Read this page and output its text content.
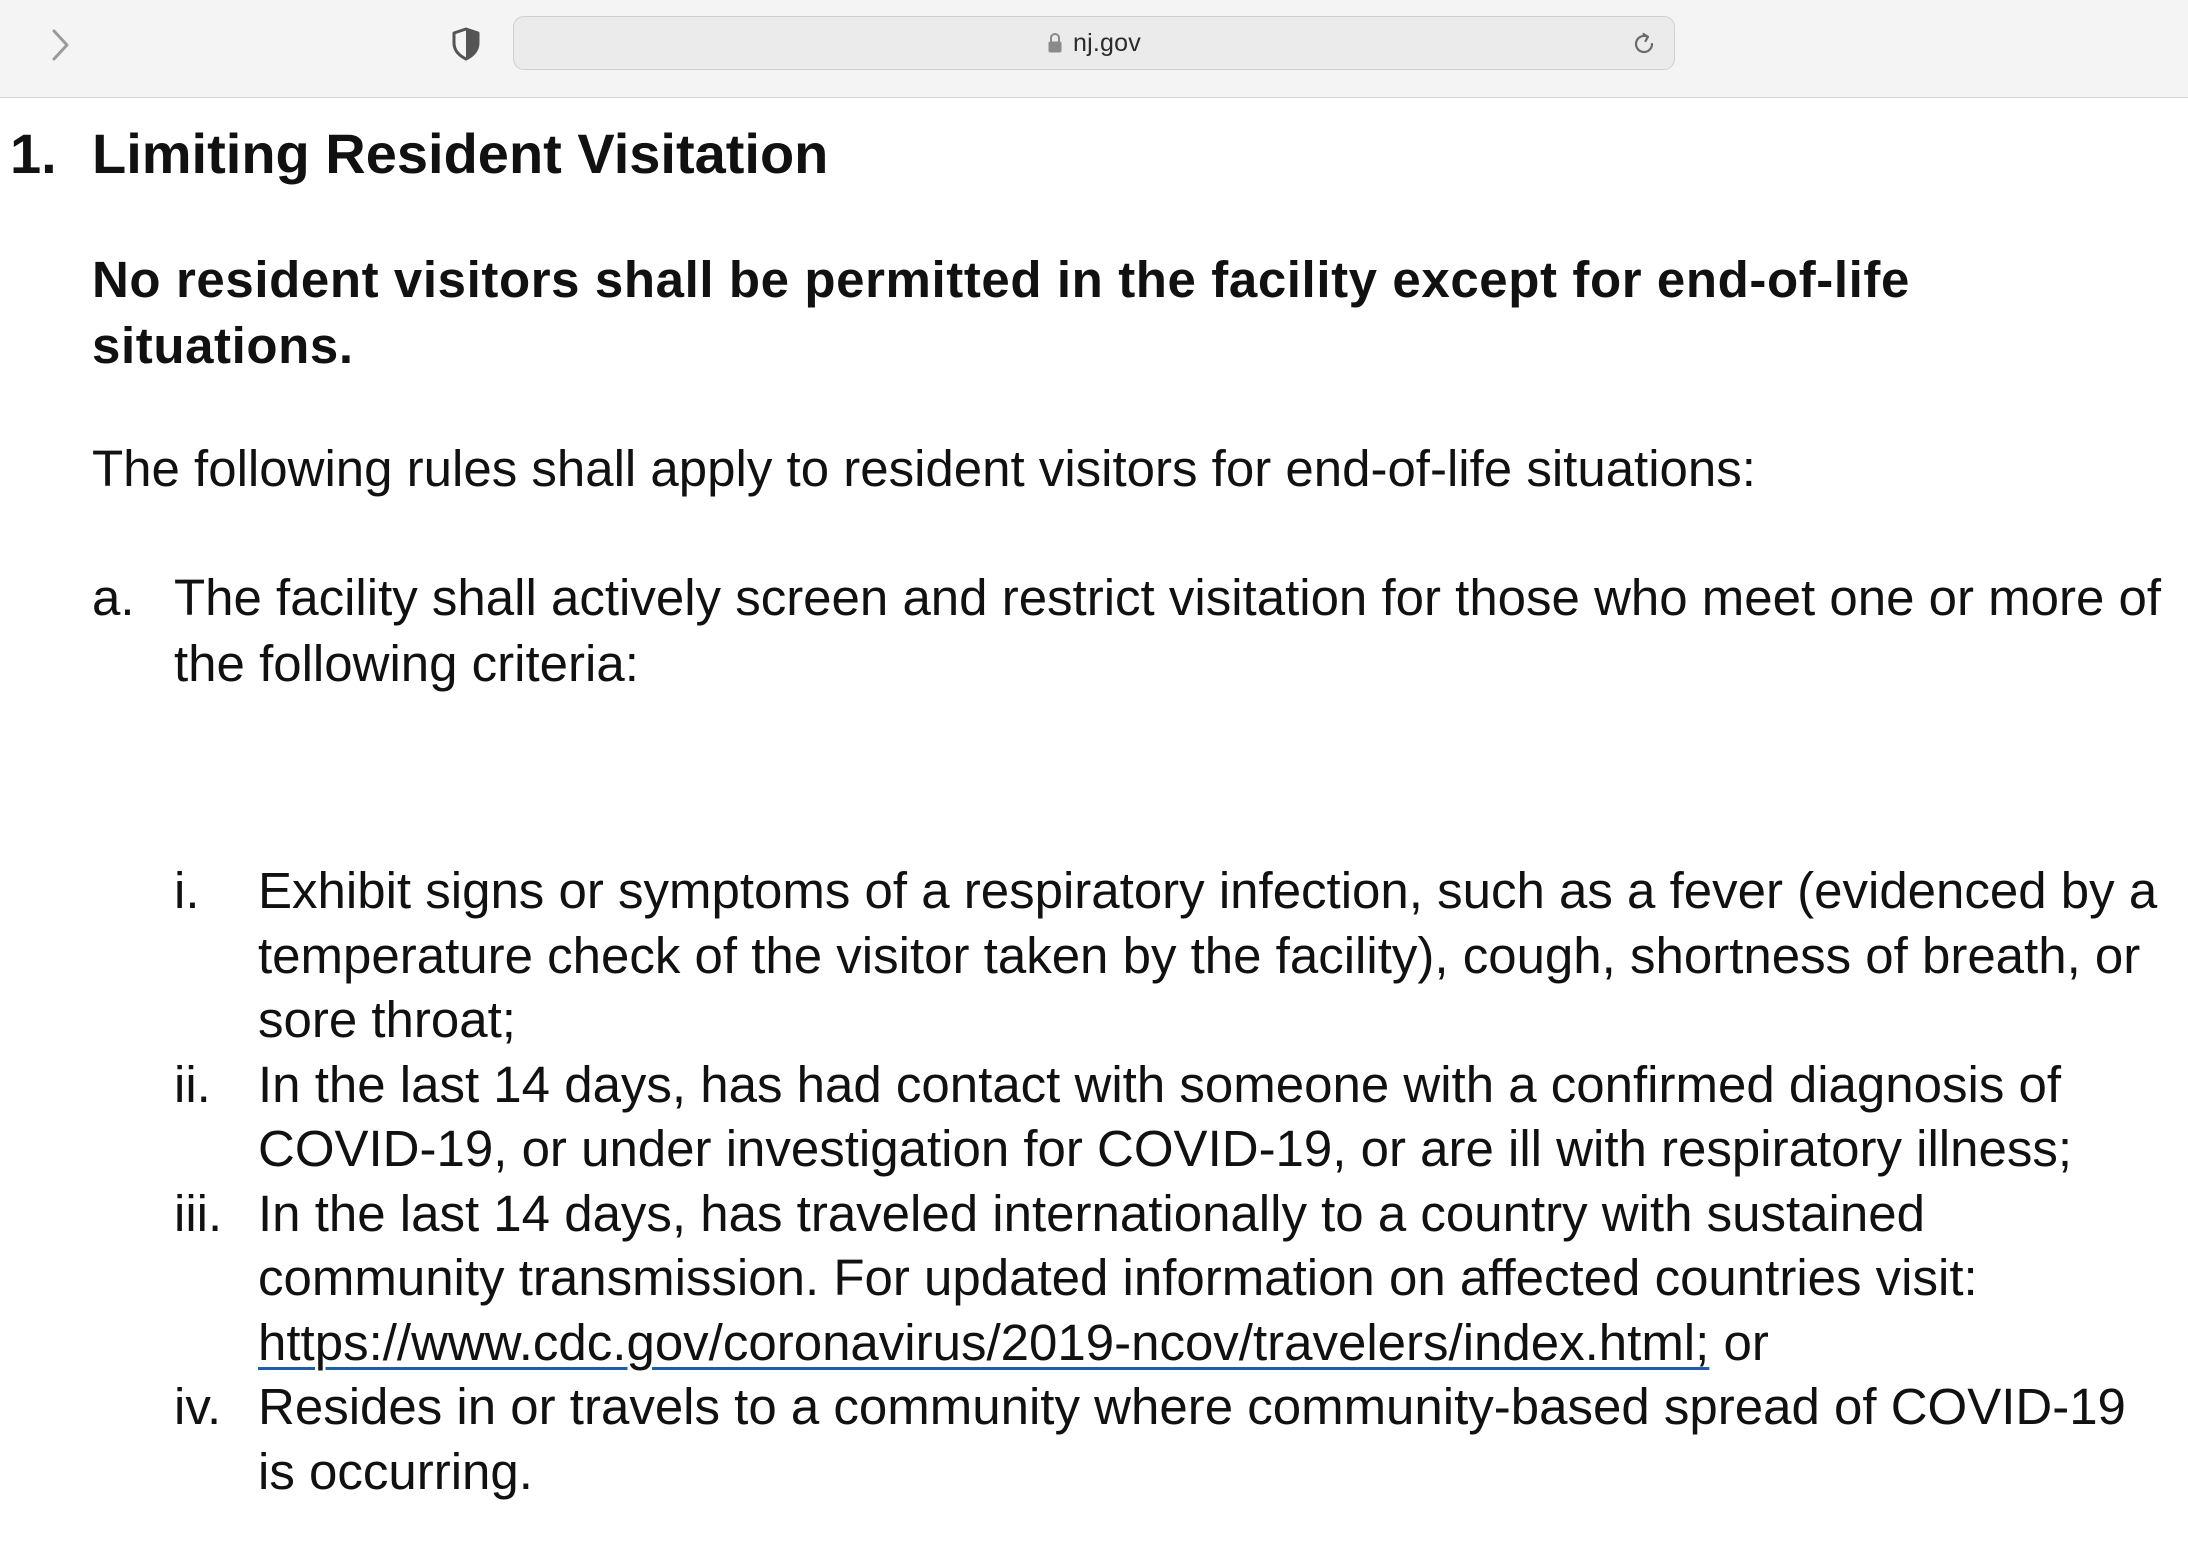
nj.gov
1. Limiting Resident Visitation
No resident visitors shall be permitted in the facility except for end-of-life situations.
The following rules shall apply to resident visitors for end-of-life situations:
a. The facility shall actively screen and restrict visitation for those who meet one or more of the following criteria:
i. Exhibit signs or symptoms of a respiratory infection, such as a fever (evidenced by a temperature check of the visitor taken by the facility), cough, shortness of breath, or sore throat;
ii. In the last 14 days, has had contact with someone with a confirmed diagnosis of COVID-19, or under investigation for COVID-19, or are ill with respiratory illness;
iii. In the last 14 days, has traveled internationally to a country with sustained community transmission. For updated information on affected countries visit: https://www.cdc.gov/coronavirus/2019-ncov/travelers/index.html; or
iv. Resides in or travels to a community where community-based spread of COVID-19 is occurring.
